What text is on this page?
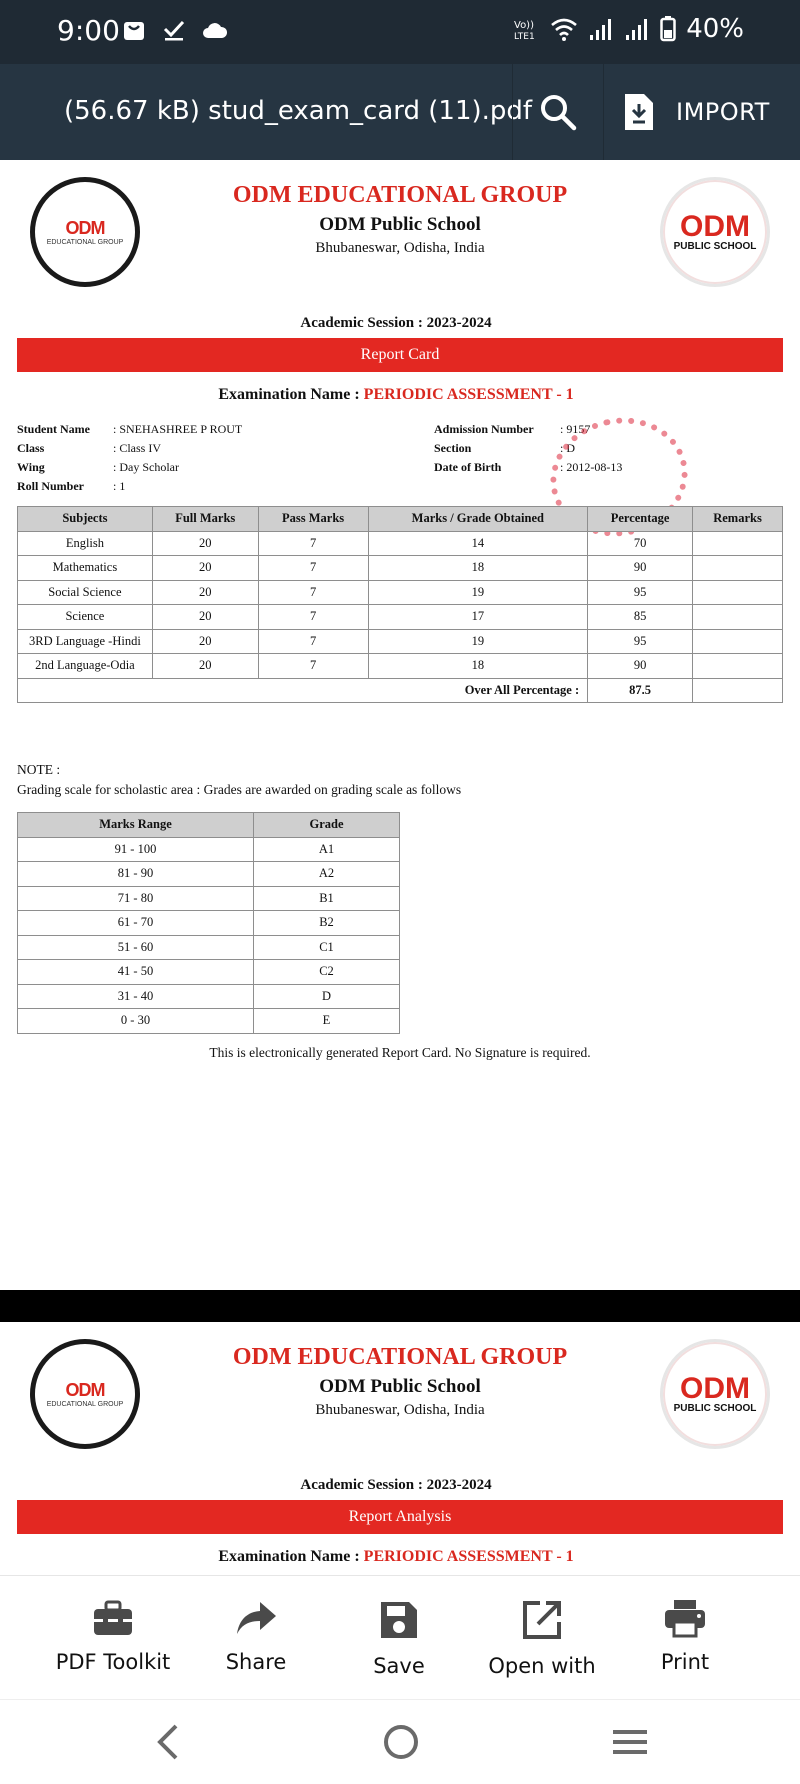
9:00	Vo))
LTE1	40%
(56.67 kB) stud_exam_card (11).pdf	IMPORT
ODM
EDUCATIONAL GROUP	ODM
PUBLIC SCHOOL
ODM EDUCATIONAL GROUP
ODM Public School
Bhubaneswar, Odisha, India
Academic Session : 2023-2024
Report Card
Examination Name : PERIODIC ASSESSMENT - 1
Student Name : SNEHASHREE P ROUT
Class	: Class IV
Wing	: Day Scholar
Roll Number : 1
Admission Number : 9157
Section	: D
Date of Birth	: 2012-08-13
Subjects	Full Marks	Pass Marks	Marks / Grade Obtained	Percentage	Remarks
English	20	7	14	70	
Mathematics	20	7	18	90	
Social Science	20	7	19	95	
Science	20	7	17	85	
3RD Language -Hindi	20	7	19	95	
2nd Language-Odia	20	7	18	90	
Over All Percentage :				87.5	
NOTE :
Grading scale for scholastic area : Grades are awarded on grading scale as follows
Marks Range	Grade
91 - 100	A1
81 - 90	A2
71 - 80	B1
61 - 70	B2
51 - 60	C1
41 - 50	C2
31 - 40	D
0 - 30	E
This is electronically generated Report Card. No Signature is required.
ODM
EDUCATIONAL GROUP	ODM
PUBLIC SCHOOL
ODM EDUCATIONAL GROUP
ODM Public School
Bhubaneswar, Odisha, India
Academic Session : 2023-2024
Report Analysis
Examination Name : PERIODIC ASSESSMENT - 1
PDF Toolkit	Share	Save	Open with	Print
